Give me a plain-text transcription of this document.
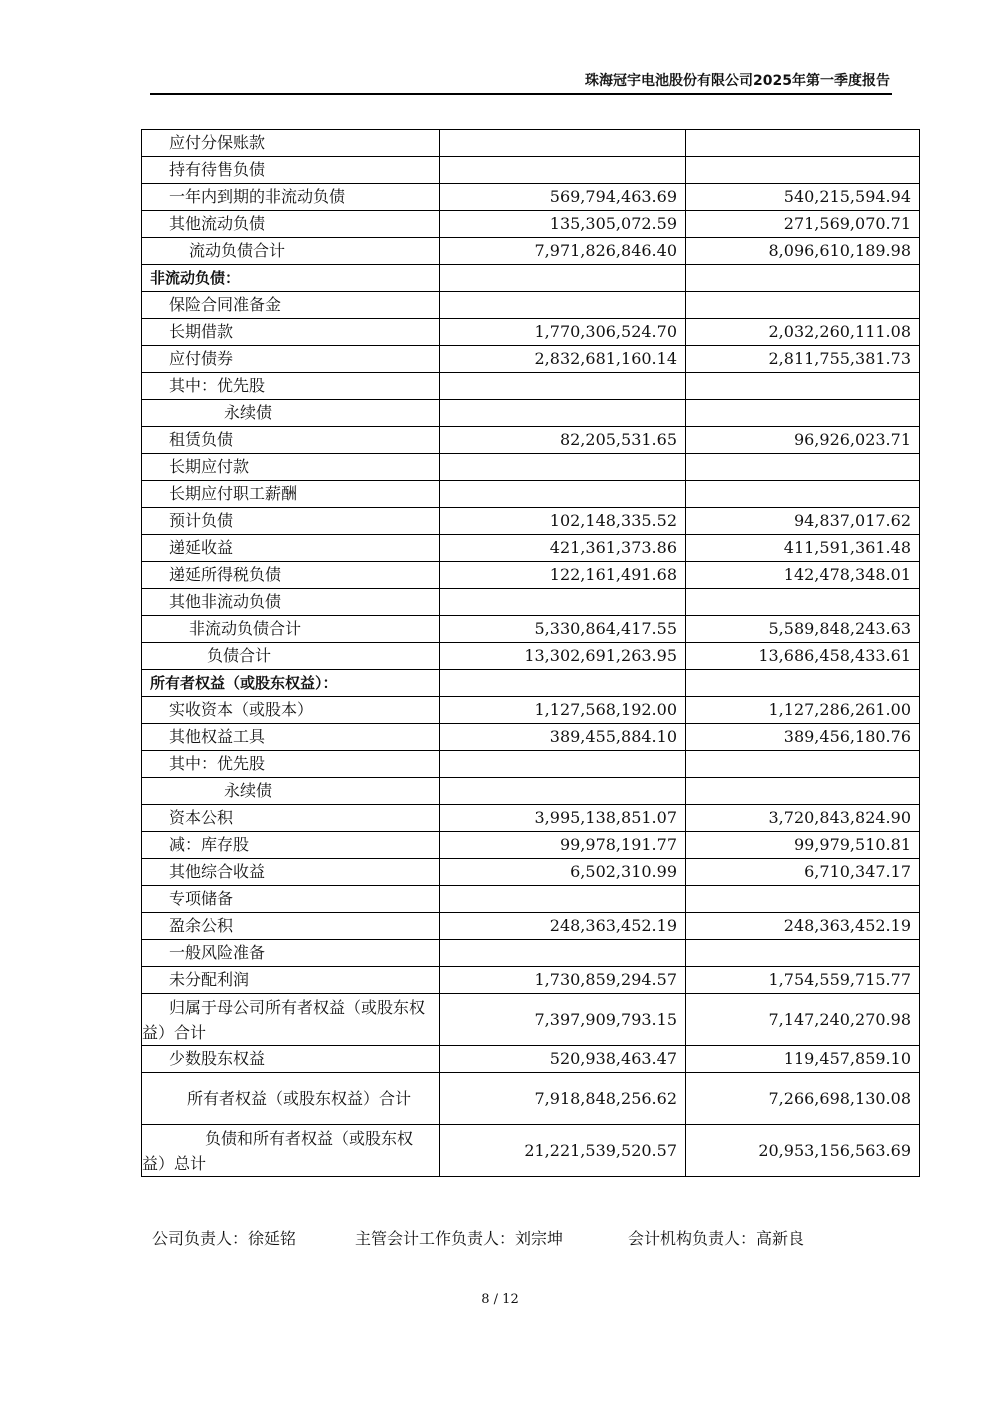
珠海冠宇电池股份有限公司2025年第一季度报告
应付分保账款		
持有待售负债		
一年内到期的非流动负债	569,794,463.69	540,215,594.94
其他流动负债	135,305,072.59	271,569,070.71
流动负债合计	7,971,826,846.40	8,096,610,189.98
非流动负债：		
保险合同准备金		
长期借款	1,770,306,524.70	2,032,260,111.08
应付债券	2,832,681,160.14	2,811,755,381.73
其中：优先股		
永续债		
租赁负债	82,205,531.65	96,926,023.71
长期应付款		
长期应付职工薪酬		
预计负债	102,148,335.52	94,837,017.62
递延收益	421,361,373.86	411,591,361.48
递延所得税负债	122,161,491.68	142,478,348.01
其他非流动负债		
非流动负债合计	5,330,864,417.55	5,589,848,243.63
负债合计	13,302,691,263.95	13,686,458,433.61
所有者权益（或股东权益）：		
实收资本（或股本）	1,127,568,192.00	1,127,286,261.00
其他权益工具	389,455,884.10	389,456,180.76
其中：优先股		
永续债		
资本公积	3,995,138,851.07	3,720,843,824.90
减：库存股	99,978,191.77	99,979,510.81
其他综合收益	6,502,310.99	6,710,347.17
专项储备		
盈余公积	248,363,452.19	248,363,452.19
一般风险准备		
未分配利润	1,730,859,294.57	1,754,559,715.77
归属于母公司所有者权益（或股东权益）合计	7,397,909,793.15	7,147,240,270.98
少数股东权益	520,938,463.47	119,457,859.10
所有者权益（或股东权益）合计	7,918,848,256.62	7,266,698,130.08
负债和所有者权益（或股东权益）总计	21,221,539,520.57	20,953,156,563.69
公司负责人：徐延铭	主管会计工作负责人：刘宗坤	会计机构负责人：高新良
8 / 12
